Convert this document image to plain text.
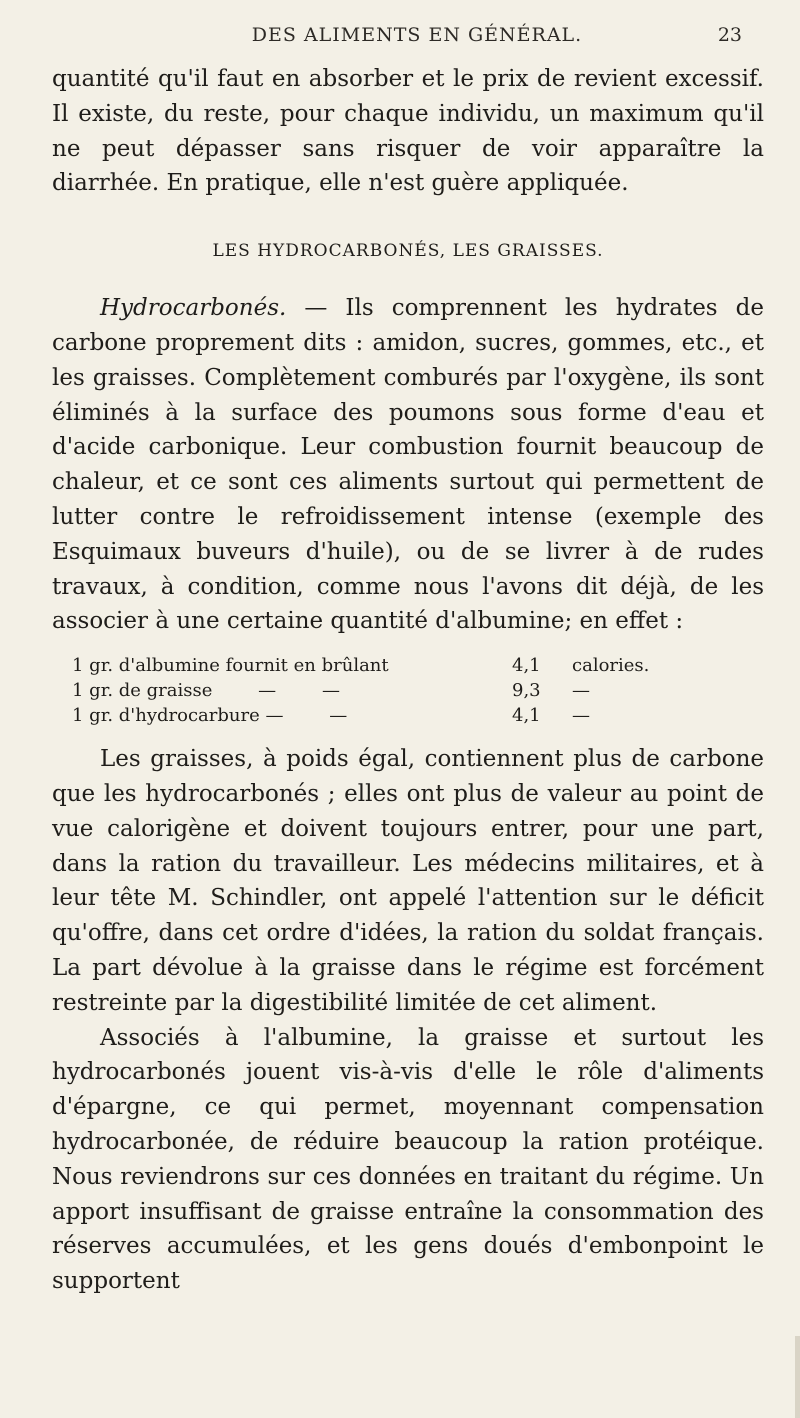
DES ALIMENTS EN GÉNÉRAL.	23

quantité qu'il faut en absorber et le prix de revient excessif. Il existe, du reste, pour chaque individu, un maximum qu'il ne peut dépasser sans risquer de voir apparaître la diarrhée. En pratique, elle n'est guère appliquée.

LES HYDROCARBONÉS, LES GRAISSES.

Hydrocarbonés. — Ils comprennent les hydrates de carbone proprement dits : amidon, sucres, gommes, etc., et les graisses. Complètement comburés par l'oxygène, ils sont éliminés à la surface des poumons sous forme d'eau et d'acide carbonique. Leur combustion fournit beaucoup de chaleur, et ce sont ces aliments surtout qui permettent de lutter contre le refroidissement intense (exemple des Esquimaux buveurs d'huile), ou de se livrer à de rudes travaux, à condition, comme nous l'avons dit déjà, de les associer à une certaine quantité d'albumine; en effet :

1 gr. d'albumine fournit en brûlant	4,1	calories.
1 gr. de graisse        —        —	9,3	—
1 gr. d'hydrocarbure —        —	4,1	—

Les graisses, à poids égal, contiennent plus de carbone que les hydrocarbonés ; elles ont plus de valeur au point de vue calorigène et doivent toujours entrer, pour une part, dans la ration du travailleur. Les médecins militaires, et à leur tête M. Schindler, ont appelé l'attention sur le déficit qu'offre, dans cet ordre d'idées, la ration du soldat français. La part dévolue à la graisse dans le régime est forcément restreinte par la digestibilité limitée de cet aliment.

Associés à l'albumine, la graisse et surtout les hydrocarbonés jouent vis-à-vis d'elle le rôle d'aliments d'épargne, ce qui permet, moyennant compensation hydrocarbonée, de réduire beaucoup la ration protéique. Nous reviendrons sur ces données en traitant du régime. Un apport insuffisant de graisse entraîne la consommation des réserves accumulées, et les gens doués d'embonpoint le supportent
